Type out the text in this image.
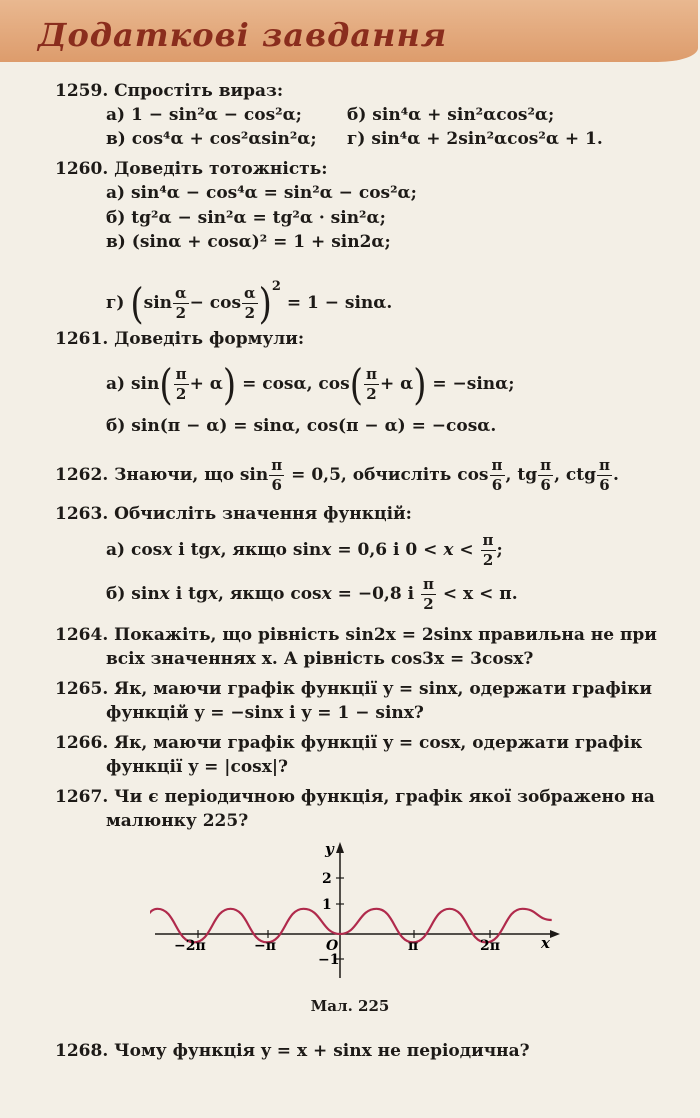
Додаткові завдання
1259. Спростіть вираз:
а) 1 − sin²α − cos²α;	б) sin⁴α + sin²αcos²α;
в) cos⁴α + cos²αsin²α; г) sin⁴α + 2sin²αcos²α + 1.
1260. Доведіть тотожність:
а) sin⁴α − cos⁴α = sin²α − cos²α;
б) tg²α − sin²α = tg²α · sin²α;
в) (sinα + cosα)² = 1 + sin2α;
г) $(\sin \frac{\alpha}{2} - \cos \frac{\alpha}{2} )^2 = 1 - \sin\alpha$.
1261. Доведіть формули:
а) $\sin( \frac{\pi}{2} + \alpha) = \cos\alpha$, $\cos( \frac{\pi}{2} + \alpha) = -\sin\alpha$;
б) sin(π − α) = sinα, cos(π − α) = −cosα.
1262. Знаючи, що $\sin \frac{\pi}{6} = 0,5$, обчисліть $\cos \frac{\pi}{6}$ , tg $\frac{\pi}{6}$ , ctg $\frac{\pi}{6}$ .
1263. Обчисліть значення функцій:
а) cosx і tgx, якщо sinx = 0,6 і $0 < x < \frac{\pi}{2}$ ;
б) sinx і tgx, якщо cosx = −0,8 і $\frac{\pi}{2} < x < \pi$.
1264. Покажіть, що рівність sin2x = 2sinx правильна не при
всіх значеннях x. А рівність cos3x = 3cosx?
1265. Як, маючи графік функції y = sinx, одержати графіки
функцій y = −sinx і y = 1 − sinx?
1266. Як, маючи графік функції y = cosx, одержати графік
функції y = |cosx|?
1267. Чи є періодичною функція, графік якої зображено на
малюнку 225?
y
x
2
1
−1
O
−2π	−π	π	2π
Мал. 225
1268. Чому функція y = x + sinx не періодична?
